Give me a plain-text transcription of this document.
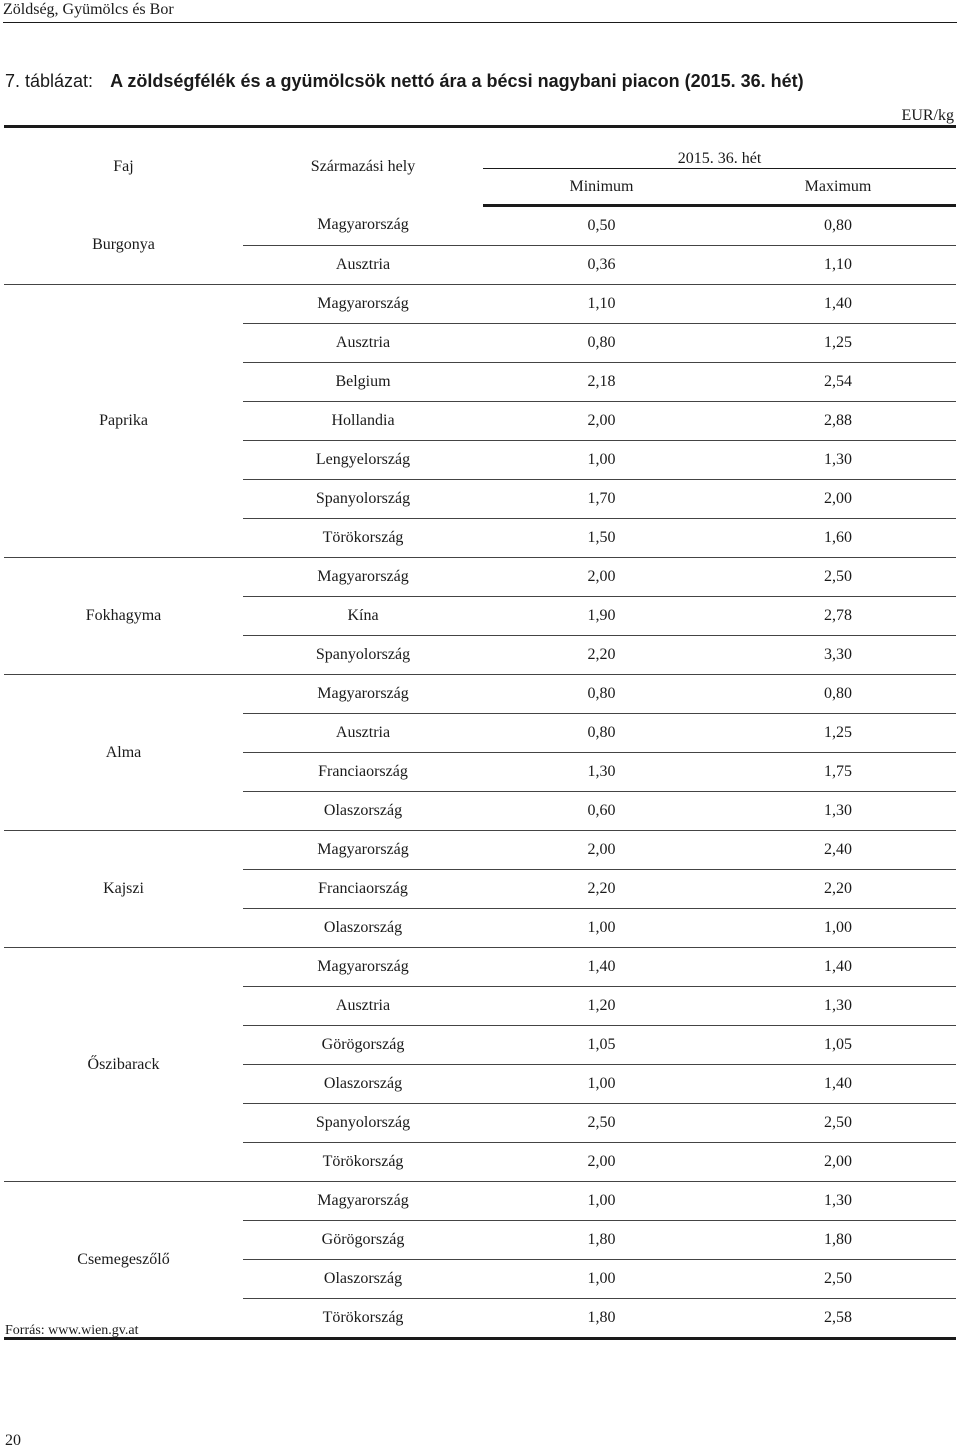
Zöldség, Gyümölcs és Bor
7. táblázat: A zöldségfélék és a gyümölcsök nettó ára a bécsi nagybani piacon (2015. 36. hét)
EUR/kg
Faj	Származási hely	2015. 36. hét	
		Minimum	Maximum
Burgonya	Magyarország	0,50	0,80
	Ausztria	0,36	1,10
Paprika	Magyarország	1,10	1,40
	Ausztria	0,80	1,25
	Belgium	2,18	2,54
	Hollandia	2,00	2,88
	Lengyelország	1,00	1,30
	Spanyolország	1,70	2,00
	Törökország	1,50	1,60
Fokhagyma	Magyarország	2,00	2,50
	Kína	1,90	2,78
	Spanyolország	2,20	3,30
Alma	Magyarország	0,80	0,80
	Ausztria	0,80	1,25
	Franciaország	1,30	1,75
	Olaszország	0,60	1,30
Kajszi	Magyarország	2,00	2,40
	Franciaország	2,20	2,20
	Olaszország	1,00	1,00
Őszibarack	Magyarország	1,40	1,40
	Ausztria	1,20	1,30
	Görögország	1,05	1,05
	Olaszország	1,00	1,40
	Spanyolország	2,50	2,50
	Törökország	2,00	2,00
Csemegeszőlő	Magyarország	1,00	1,30
	Görögország	1,80	1,80
	Olaszország	1,00	2,50
	Törökország	1,80	2,58
Forrás: www.wien.gv.at
20
